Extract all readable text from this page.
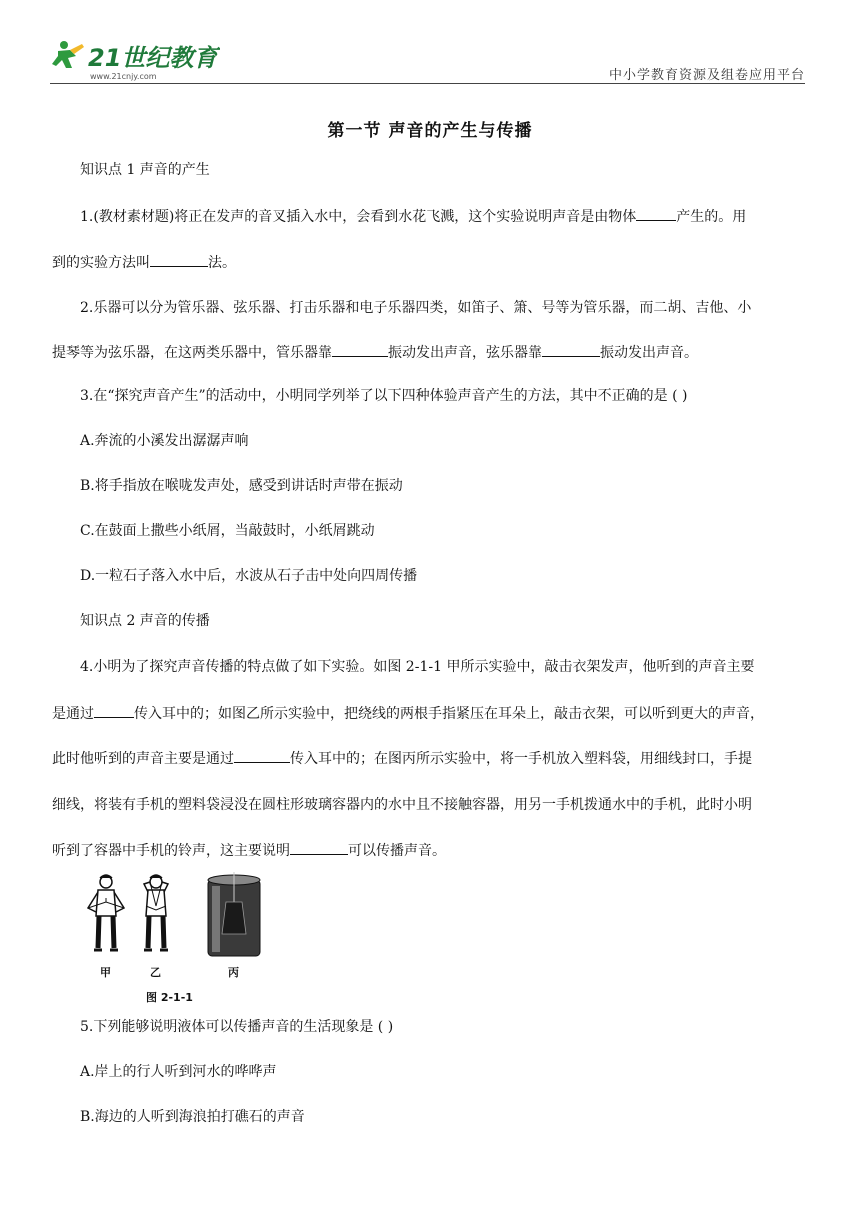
21世纪教育
www.21cnjy.com	中小学教育资源及组卷应用平台
第一节 声音的产生与传播
知识点 1 声音的产生
1.(教材素材题)将正在发声的音叉插入水中，会看到水花飞溅，这个实验说明声音是由物体	产生的。用
到的实验方法叫	法。
2.乐器可以分为管乐器、弦乐器、打击乐器和电子乐器四类，如笛子、箫、号等为管乐器，而二胡、吉他、小
提琴等为弦乐器，在这两类乐器中，管乐器靠	振动发出声音，弦乐器靠	振动发出声音。
3.在“探究声音产生”的活动中，小明同学列举了以下四种体验声音产生的方法，其中不正确的是 ( )
A.奔流的小溪发出潺潺声响
B.将手指放在喉咙发声处，感受到讲话时声带在振动
C.在鼓面上撒些小纸屑，当敲鼓时，小纸屑跳动
D.一粒石子落入水中后，水波从石子击中处向四周传播
知识点 2 声音的传播
4.小明为了探究声音传播的特点做了如下实验。如图 2-1-1 甲所示实验中，敲击衣架发声，他听到的声音主要
是通过	传入耳中的；如图乙所示实验中，把绕线的两根手指紧压在耳朵上，敲击衣架，可以听到更大的声音，
此时他听到的声音主要是通过	传入耳中的；在图丙所示实验中，将一手机放入塑料袋，用细线封口，手提
细线，将装有手机的塑料袋浸没在圆柱形玻璃容器内的水中且不接触容器，用另一手机拨通水中的手机，此时小明
听到了容器中手机的铃声，这主要说明	可以传播声音。
甲	乙	丙
图 2-1-1
5.下列能够说明液体可以传播声音的生活现象是 ( )
A.岸上的行人听到河水的哗哗声
B.海边的人听到海浪拍打礁石的声音
